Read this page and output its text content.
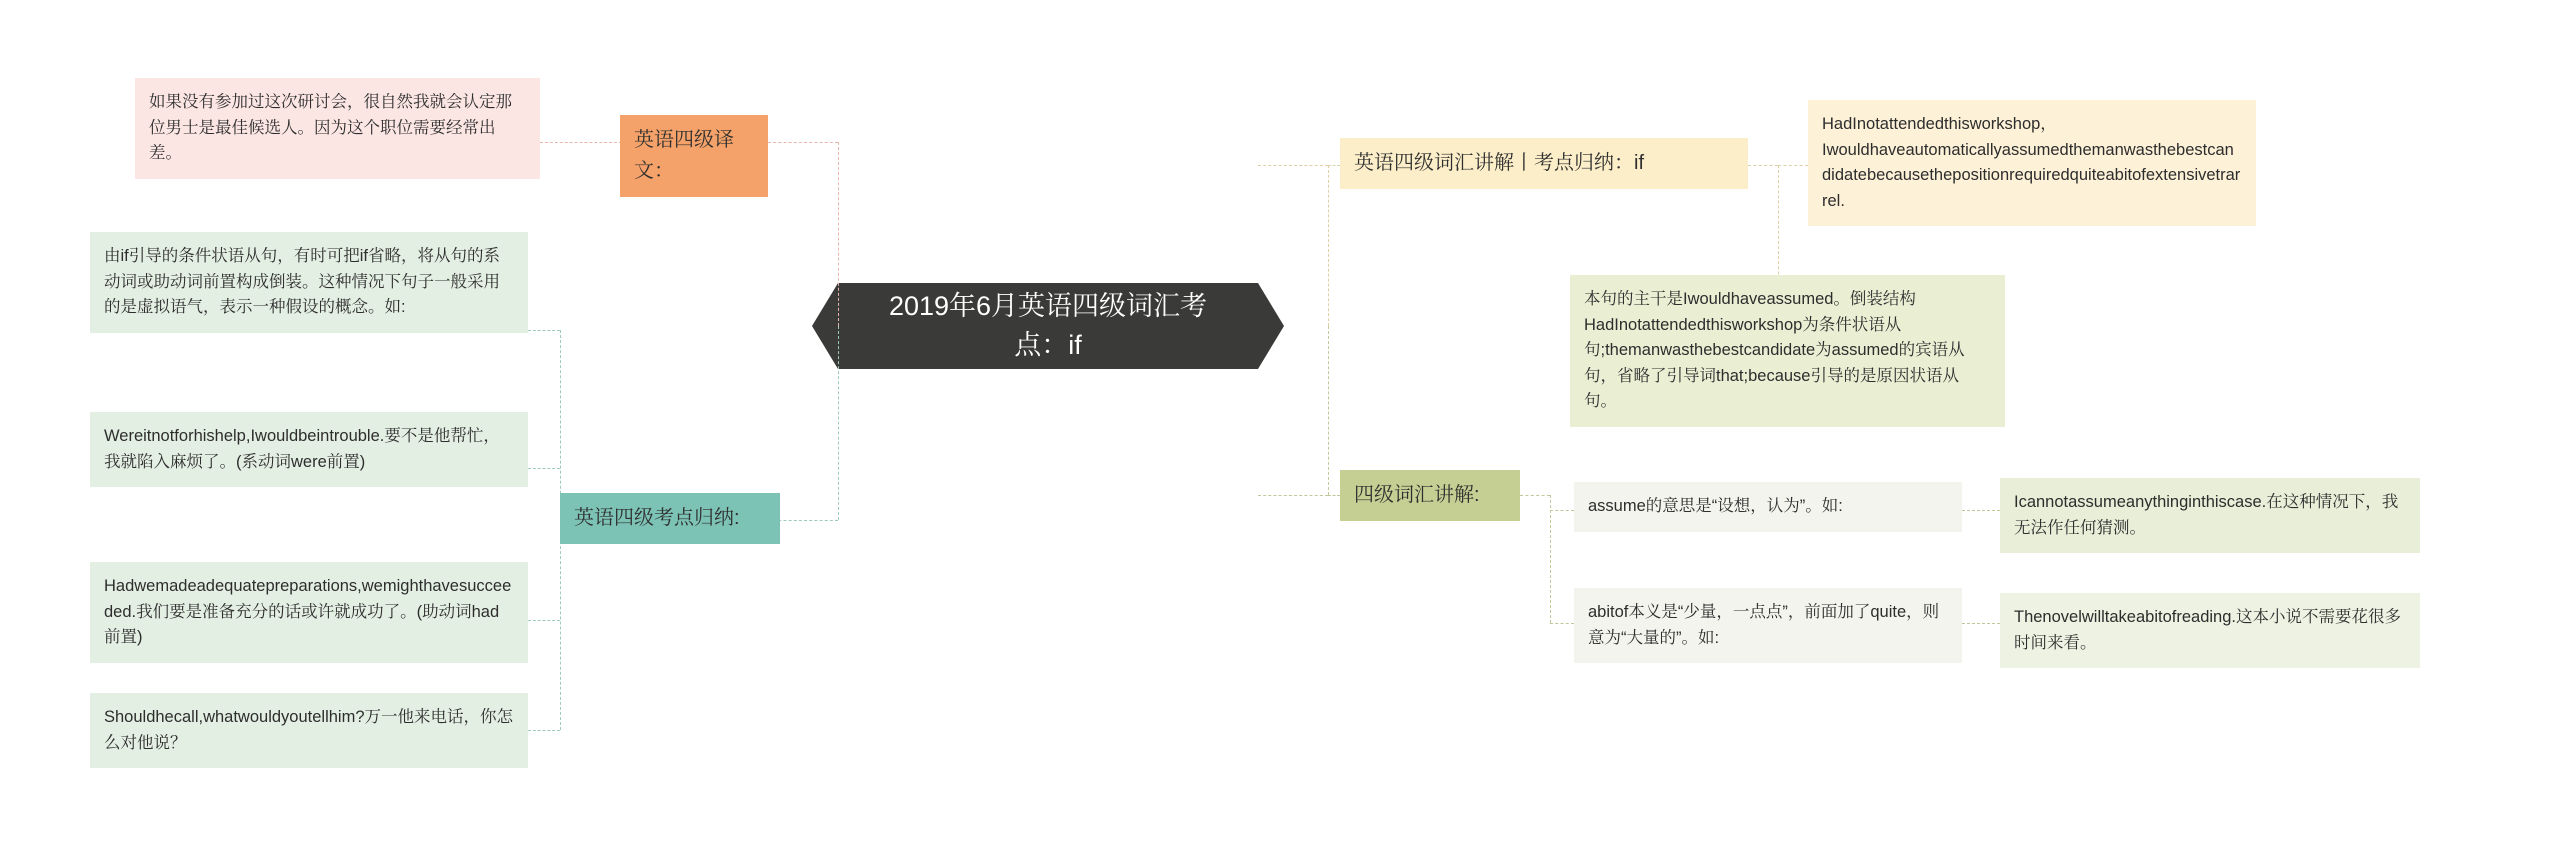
2019年6月英语四级词汇考点：if
英语四级译文：
如果没有参加过这次研讨会，很自然我就会认定那位男士是最佳候选人。因为这个职位需要经常出差。
英语四级考点归纳:
由if引导的条件状语从句，有时可把if省略，将从句的系动词或助动词前置构成倒装。这种情况下句子一般采用的是虚拟语气，表示一种假设的概念。如:
Wereitnotforhishelp,Iwouldbeintrouble.要不是他帮忙，我就陷入麻烦了。(系动词were前置)
Hadwemadeadequatepreparations,wemighthavesucceeded.我们要是准备充分的话或许就成功了。(助动词had前置)
Shouldhecall,whatwouldyoutellhim?万一他来电话，你怎么对他说？
英语四级词汇讲解丨考点归纳：if
HadInotattendedthisworkshop，Iwouldhaveautomaticallyassumedthemanwasthebestcandidatebecausethepositionrequiredquiteabitofextensivetrarrel.
本句的主干是Iwouldhaveassumed。倒装结构HadInotattendedthisworkshop为条件状语从句;themanwasthebestcandidate为assumed的宾语从句，省略了引导词that;because引导的是原因状语从句。
四级词汇讲解:	assume的意思是“设想，认为”。如:	Icannotassumeanythinginthiscase.在这种情况下，我无法作任何猜测。
abitof本义是“少量，一点点”，前面加了quite，则意为“大量的”。如:
Thenovelwilltakeabitofreading.这本小说不需要花很多时间来看。
